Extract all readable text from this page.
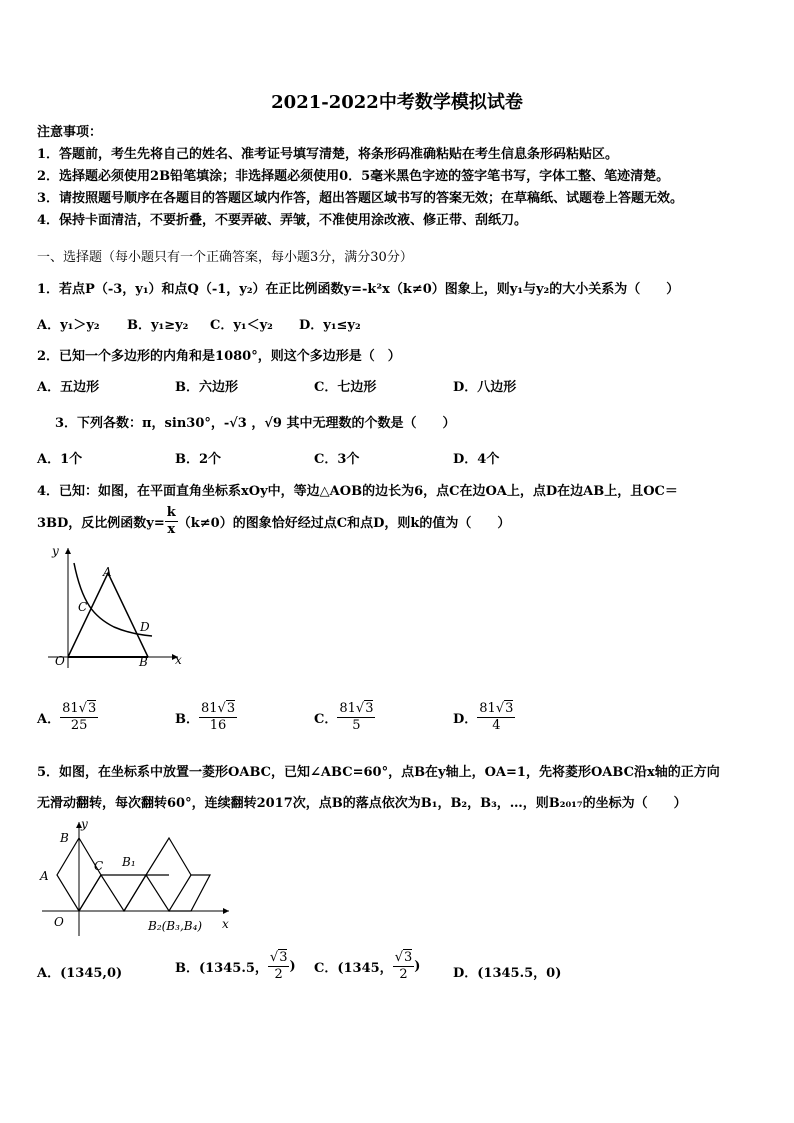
2021-2022中考数学模拟试卷
注意事项：
1．答题前，考生先将自己的姓名、准考证号填写清楚，将条形码准确粘贴在考生信息条形码粘贴区。
2．选择题必须使用2B铅笔填涂；非选择题必须使用0．5毫米黑色字迹的签字笔书写，字体工整、笔迹清楚。
3．请按照题号顺序在各题目的答题区域内作答，超出答题区域书写的答案无效；在草稿纸、试题卷上答题无效。
4．保持卡面清洁，不要折叠，不要弄破、弄皱，不准使用涂改液、修正带、刮纸刀。
一、选择题（每小题只有一个正确答案，每小题3分，满分30分）
1．若点P（-3，y₁）和点Q（-1，y₂）在正比例函数y=-k²x（k≠0）图象上，则y₁与y₂的大小关系为（　　）
A．y₁＞y₂ B．y₁≥y₂ C．y₁＜y₂ D．y₁≤y₂
2．已知一个多边形的内角和是1080°，则这个多边形是（　）
A．五边形	B．六边形	C．七边形	D．八边形
3．下列各数：π，sin30°，-√3 ，√9 其中无理数的个数是（　　）
A．1个	B．2个	C．3个	D．4个
4．已知：如图，在平面直角坐标系xOy中，等边△AOB的边长为6，点C在边OA上，点D在边AB上，且OC＝
3BD，反比例函数$y= \frac{k}{x} (k\ne 0)$的图象恰好经过点C和点D，则k的值为（　　）
y
x
A
B
C
D
O
A． $\frac{81√3}{25}$	B． $\frac{81√3}{16}$	C． $\frac{81√3}{5}$	D． $\frac{81√3}{4}$
5．如图，在坐标系中放置一菱形OABC，已知∠ABC=60°，点B在y轴上，OA=1，先将菱形OABC沿x轴的正方向
无滑动翻转，每次翻转60°，连续翻转2017次，点B的落点依次为B₁，B₂，B₃，…，则B₂₀₁₇的坐标为（　　）
B
y
A
C B₁
O	B₂(B₃,B₄) x
A．(1345,0)	B．(1345.5， $\frac{√3}{2}$ ) C．(1345， $\frac{√3}{2}$ )	D．(1345.5，0)
